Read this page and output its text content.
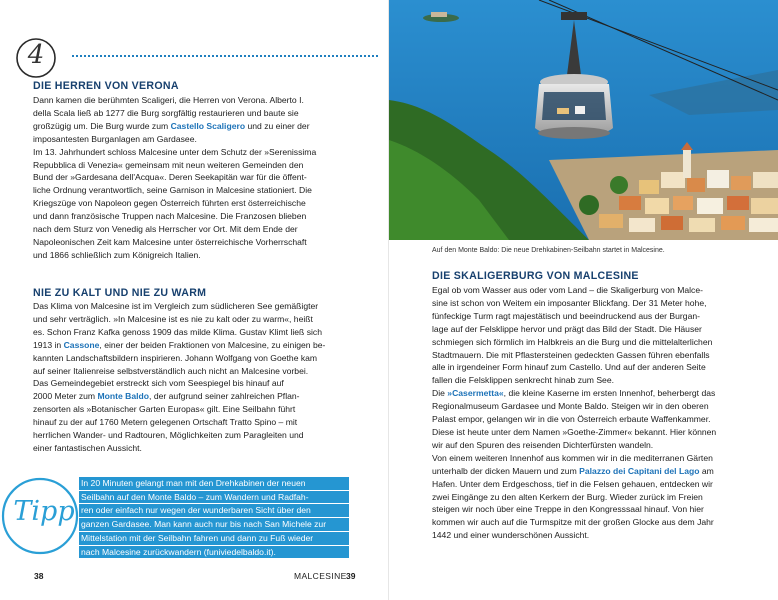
4
DIE HERREN VON VERONA
Dann kamen die berühmten Scaligeri, die Herren von Verona. Alberto I.
della Scala ließ ab 1277 die Burg sorgfältig restaurieren und baute sie
großzügig um. Die Burg wurde zum Castello Scaligero und zu einer der
imposantesten Burganlagen am Gardasee.
Im 13. Jahrhundert schloss Malcesine unter dem Schutz der »Serenissima
Repubblica di Venezia« gemeinsam mit neun weiteren Gemeinden den
Bund der »Gardesana dell'Acqua«. Deren Seekapitän war für die öffent-
liche Ordnung verantwortlich, seine Garnison in Malcesine stationiert. Die
Kriegszüge von Napoleon gegen Österreich führten erst österreichische
und dann französische Truppen nach Malcesine. Die Franzosen blieben
nach dem Sturz von Venedig als Herrscher vor Ort. Mit dem Ende der
Napoleonischen Zeit kam Malcesine unter österreichische Vorherrschaft
und 1866 schließlich zum Königreich Italien.
NIE ZU KALT UND NIE ZU WARM
Das Klima von Malcesine ist im Vergleich zum südlicheren See gemäßigter
und sehr verträglich. »In Malcesine ist es nie zu kalt oder zu warm«, heißt
es. Schon Franz Kafka genoss 1909 das milde Klima. Gustav Klimt ließ sich
1913 in Cassone, einer der beiden Fraktionen von Malcesine, zu einigen be-
kannten Landschaftsbildern inspirieren. Johann Wolfgang von Goethe kam
auf seiner Italienreise selbstverständlich auch nicht an Malcesine vorbei.
Das Gemeindegebiet erstreckt sich vom Seespiegel bis hinauf auf
2000 Meter zum Monte Baldo, der aufgrund seiner zahlreichen Pflan-
zensorten als »Botanischer Garten Europas« gilt. Eine Seilbahn führt
hinauf zu der auf 1760 Metern gelegenen Ortschaft Tratto Spino – mit
herrlichen Wander- und Radtouren, Möglichkeiten zum Paragleiten und
einer fantastischen Aussicht.
Tipp
In 20 Minuten gelangt man mit den Drehkabinen der neuen
Seilbahn auf den Monte Baldo – zum Wandern und Radfah-
ren oder einfach nur wegen der wunderbaren Sicht über den
ganzen Gardasee. Man kann auch nur bis nach San Michele zur
Mittelstation mit der Seilbahn fahren und dann zu Fuß wieder
nach Malcesine zurückwandern (funiviedelbaldo.it).
38
Auf den Monte Baldo: Die neue Drehkabinen-Seilbahn startet in Malcesine.
DIE SKALIGERBURG VON MALCESINE
Egal ob vom Wasser aus oder vom Land – die Skaligerburg von Malce-
sine ist schon von Weitem ein imposanter Blickfang. Der 31 Meter hohe,
fünfeckige Turm ragt majestätisch und beeindruckend aus der Burgan-
lage auf der Felsklippe hervor und prägt das Bild der Stadt. Die Häuser
schmiegen sich förmlich im Halbkreis an die Burg und die mittelalterlichen
Stadtmauern. Die mit Pflastersteinen gedeckten Gassen führen ebenfalls
alle in irgendeiner Form hinauf zum Castello. Und auf der anderen Seite
fallen die Felsklippen senkrecht hinab zum See.
Die »Casermetta«, die kleine Kaserne im ersten Innenhof, beherbergt das
Regionalmuseum Gardasee und Monte Baldo. Steigen wir in den oberen
Palast empor, gelangen wir in die von Österreich erbaute Waffenkammer.
Diese ist heute unter dem Namen »Goethe-Zimmer« bekannt. Hier können
wir auf den Spuren des reisenden Dichterfürsten wandeln.
Von einem weiteren Innenhof aus kommen wir in die mediterranen Gärten
unterhalb der dicken Mauern und zum Palazzo dei Capitani del Lago am
Hafen. Unter dem Erdgeschoss, tief in die Felsen gehauen, entdecken wir
zwei Eingänge zu den alten Kerkern der Burg. Wieder zurück im Freien
steigen wir noch über eine Treppe in den Kongresssaal hinauf. Von hier
kommen wir auch auf die Turmspitze mit der großen Glocke aus dem Jahr
1442 und einer wunderschönen Aussicht.
MALCESINE 39
